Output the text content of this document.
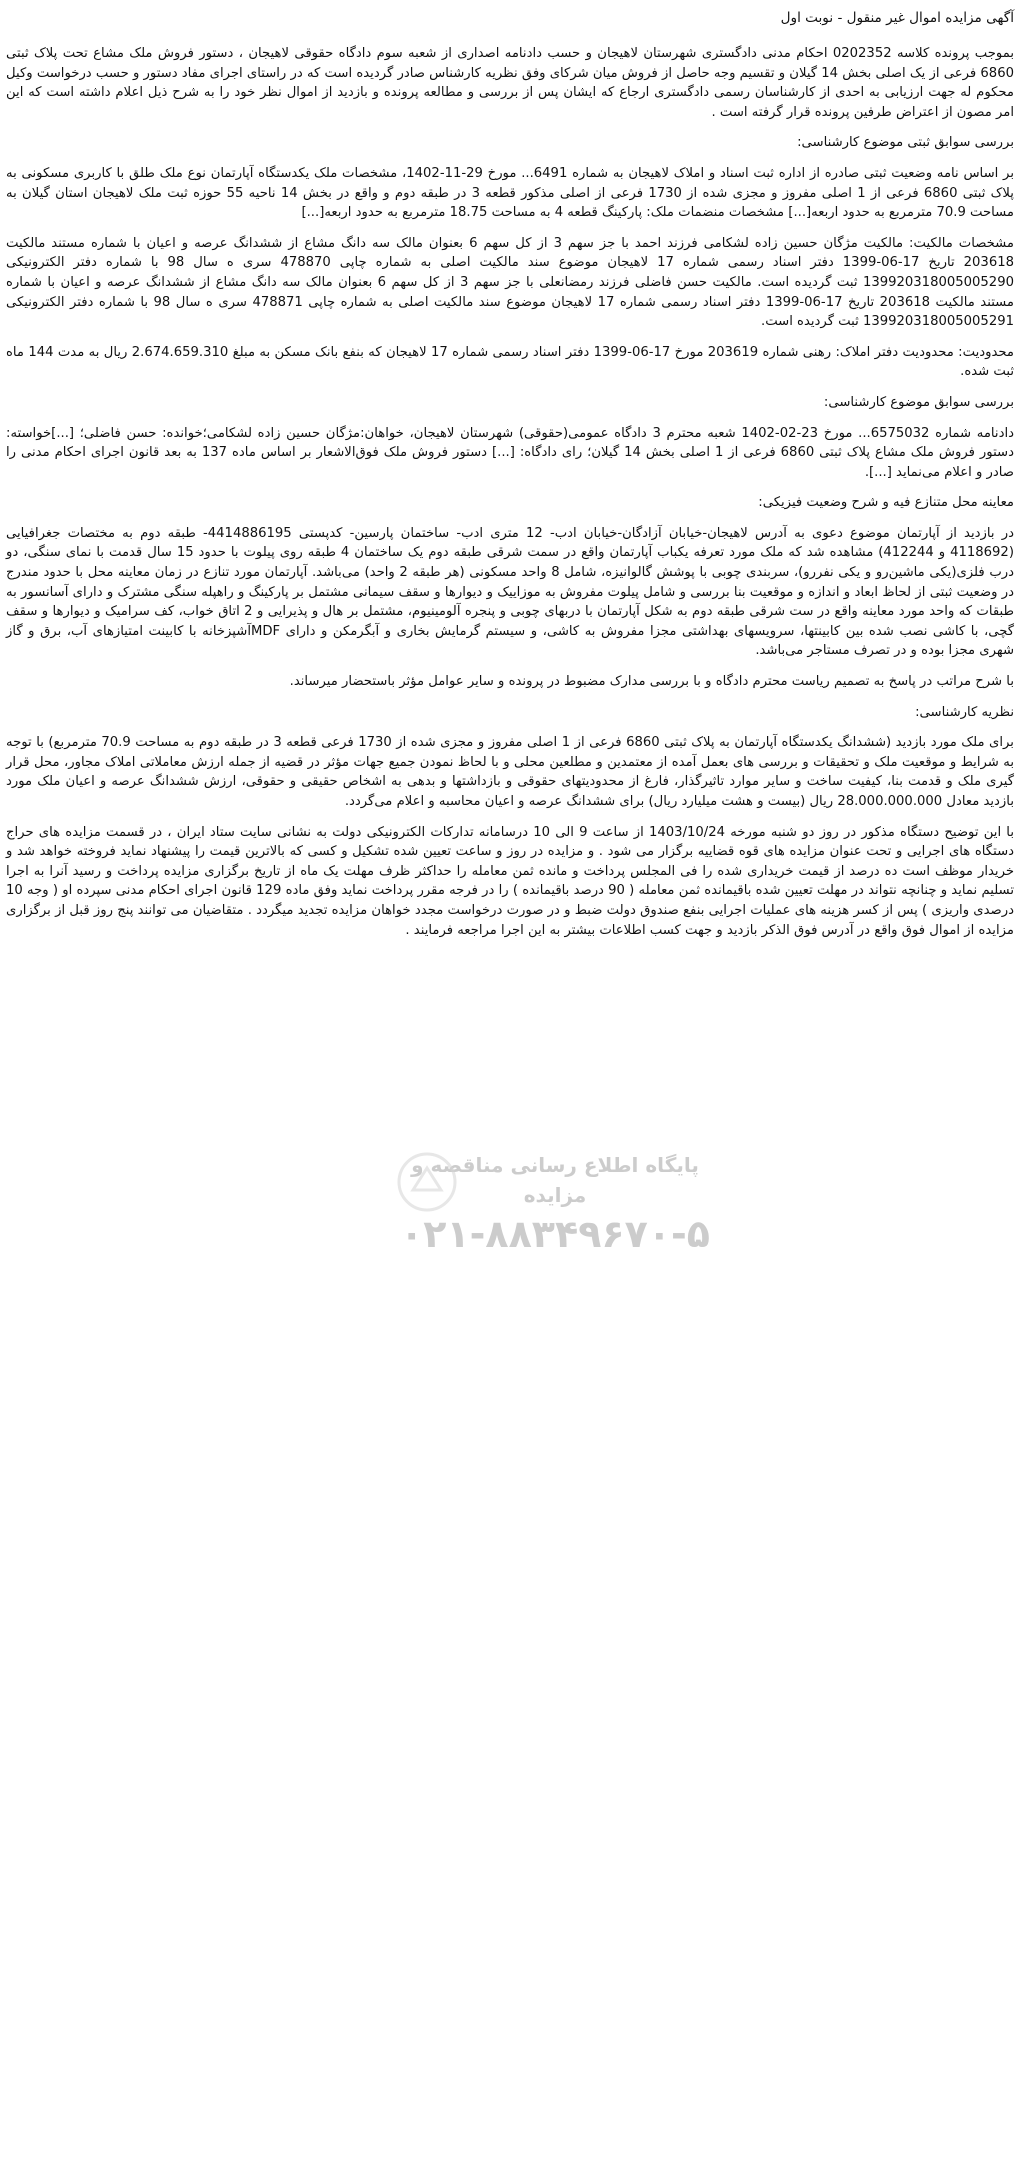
پایگاه اطلاع رسانی مناقصه و مزایده
۰۲۱-۸۸۳۴۹۶۷۰-۵
آگهی مزایده اموال غیر منقول - نوبت اول

بموجب پرونده کلاسه 0202352 احکام مدنی دادگستری شهرستان لاهیجان و حسب دادنامه اصداری از شعبه سوم دادگاه حقوقی لاهیجان ، دستور فروش ملک مشاع تحت پلاک ثبتی 6860 فرعی از یک اصلی بخش 14 گیلان و تقسیم وجه حاصل از فروش میان شرکای وفق نظریه کارشناس صادر گردیده است که در راستای اجرای مفاد دستور و حسب درخواست وکیل محکوم له جهت ارزیابی به احدی از کارشناسان رسمی دادگستری ارجاع که ایشان پس از بررسی و مطالعه پرونده و بازدید از اموال نظر خود را به شرح ذیل اعلام داشته است که این امر مصون از اعتراض طرفین پرونده قرار گرفته است .

بررسی سوابق ثبتی موضوع کارشناسی:

بر اساس نامه وضعیت ثبتی صادره از اداره ثبت اسناد و املاک لاهیجان به شماره 6491... مورخ 29-11-1402، مشخصات ملک یکدستگاه آپارتمان نوع ملک طلق با کاربری مسکونی به پلاک ثبتی 6860 فرعی از 1 اصلی مفروز و مجزی شده از 1730 فرعی از اصلی مذکور قطعه 3 در طبقه دوم و واقع در بخش 14 ناحیه 55 حوزه ثبت ملک لاهیجان استان گیلان به مساحت 70.9 مترمربع به حدود اربعه[...] مشخصات منضمات ملک: پارکینگ قطعه 4 به مساحت 18.75 مترمربع به حدود اربعه[...]

مشخصات مالکیت: مالکیت مژگان حسین زاده لشکامی فرزند احمد با جز سهم 3 از کل سهم 6 بعنوان مالک سه دانگ مشاع از ششدانگ عرصه و اعیان با شماره مستند مالکیت 203618 تاریخ 17-06-1399 دفتر اسناد رسمی شماره 17 لاهیجان موضوع سند مالکیت اصلی به شماره چاپی 478870 سری ه سال 98 با شماره دفتر الکترونیکی 13992031800500529​0 ثبت گردیده است. مالکیت حسن فاضلی فرزند رمضانعلی با جز سهم 3 از کل سهم 6 بعنوان مالک سه دانگ مشاع از ششدانگ عرصه و اعیان با شماره مستند مالکیت 203618 تاریخ 17-06-1399 دفتر اسناد رسمی شماره 17 لاهیجان موضوع سند مالکیت اصلی به شماره چاپی 478871 سری ه سال 98 با شماره دفتر الکترونیکی 139920318005005291 ثبت گردیده است.

محدودیت: محدودیت دفتر املاک: رهنی شماره 203619 مورخ 17-06-1399 دفتر اسناد رسمی شماره 17 لاهیجان که بنفع بانک مسکن به مبلغ 2.674.659.310 ریال به مدت 144 ماه ثبت شده.

بررسی سوابق موضوع کارشناسی:

دادنامه شماره 6575032... مورخ 23-02-1402 شعبه محترم 3 دادگاه عمومی(حقوقی) شهرستان لاهیجان، خواهان:مژگان حسین زاده لشکامی؛خوانده: حسن فاضلی؛ [...]خواسته: دستور فروش ملک مشاع پلاک ثبتی 6860 فرعی از 1 اصلی بخش 14 گیلان؛ رای دادگاه: [...] دستور فروش ملک فوق‌الاشعار بر اساس ماده 137 به بعد قانون اجرای احکام مدنی را صادر و اعلام می‌نماید [...].

معاینه محل متنازع فیه و شرح وضعیت فیزیکی:

در بازدید از آپارتمان موضوع دعوی به آدرس لاهیجان-خیابان آزادگان-خیابان ادب- 12 متری ادب- ساختمان پارسین- کدپستی 4414886195- طبقه دوم به مختصات جغرافیایی (4118692 و 412244) مشاهده شد که ملک مورد تعرفه یکباب آپارتمان واقع در سمت شرقی طبقه دوم یک ساختمان 4 طبقه روی پیلوت با حدود 15 سال قدمت با نمای سنگی، دو درب فلزی(یکی ماشین‌رو و یکی نفررو)، سربندی چوبی با پوشش گالوانیزه، شامل 8 واحد مسکونی (هر طبقه 2 واحد) می‌باشد. آپارتمان مورد تنازع در زمان معاینه محل با حدود مندرج در وضعیت ثبتی از لحاظ ابعاد و اندازه و موقعیت بنا بررسی و شامل پیلوت مفروش به موزاییک و دیوارها و سقف سیمانی مشتمل بر پارکینگ و راهپله سنگی مشترک و دارای آسانسور به طبقات که واحد مورد معاینه واقع در ست شرقی طبقه دوم به شکل آپارتمان با دربهای چوبی و پنجره آلومینیوم، مشتمل بر هال و پذیرایی و 2 اتاق خواب، کف سرامیک و دیوارها و سقف گچی، با کاشی نصب شده بین کابینتها، سرویسهای بهداشتی مجزا مفروش به کاشی، و سیستم گرمایش بخاری و آبگرمکن و دارای MDFآشپزخانه با کابینت امتیازهای آب، برق و گاز شهری مجزا بوده و در تصرف مستاجر می‌باشد.

با شرح مراتب در پاسخ به تصمیم ریاست محترم دادگاه و با بررسی مدارک مضبوط در پرونده و سایر عوامل مؤثر باستحضار میرساند.

نظریه کارشناسی:

برای ملک مورد بازدید (ششدانگ یکدستگاه آپارتمان به پلاک ثبتی 6860 فرعی از 1 اصلی مفروز و مجزی شده از 1730 فرعی قطعه 3 در طبقه دوم به مساحت 70.9 مترمربع) با توجه به شرایط و موقعیت ملک و تحقیقات و بررسی های بعمل آمده از معتمدین و مطلعین محلی و با لحاظ نمودن جمیع جهات مؤثر در قضیه از جمله ارزش معاملاتی املاک مجاور، محل قرار گیری ملک و قدمت بنا، کیفیت ساخت و سایر موارد تاثیرگذار، فارغ از محدودیتهای حقوقی و بازداشتها و بدهی به اشخاص حقیقی و حقوقی، ارزش ششدانگ عرصه و اعیان ملک مورد بازدید معادل 28.000.000.000 ریال (بیست و هشت میلیارد ریال) برای ششدانگ عرصه و اعیان محاسبه و اعلام می‌گردد.

با این توضیح دستگاه مذکور در روز دو شنبه مورخه 1403/10/24 از ساعت 9 الی 10 درسامانه تدارکات الکترونیکی دولت به نشانی سایت ستاد ایران ، در قسمت مزایده های حراج دستگاه های اجرایی و تحت عنوان مزایده های قوه قضاییه برگزار می شود . و مزایده در روز و ساعت تعیین شده تشکیل و کسی که بالاترین قیمت را پیشنهاد نماید فروخته خواهد شد و خریدار موظف است ده درصد از قیمت خریداری شده را فی المجلس پرداخت و مانده ثمن معامله را حداکثر ظرف مهلت یک ماه از تاریخ برگزاری مزایده پرداخت و رسید آنرا به اجرا تسلیم نماید و چنانچه نتواند در مهلت تعیین شده باقیمانده ثمن معامله ( 90 درصد باقیمانده ) را در فرجه مقرر پرداخت نماید وفق ماده 129 قانون اجرای احکام مدنی سپرده او ( وجه 10 درصدی واریزی ) پس از کسر هزینه های عملیات اجرایی بنفع صندوق دولت ضبط و در صورت درخواست مجدد خواهان مزایده تجدید میگردد . متقاضیان می توانند پنج روز قبل از برگزاری مزایده از اموال فوق واقع در آدرس فوق الذکر بازدید و جهت کسب اطلاعات بیشتر به این اجرا مراجعه فرمایند .
